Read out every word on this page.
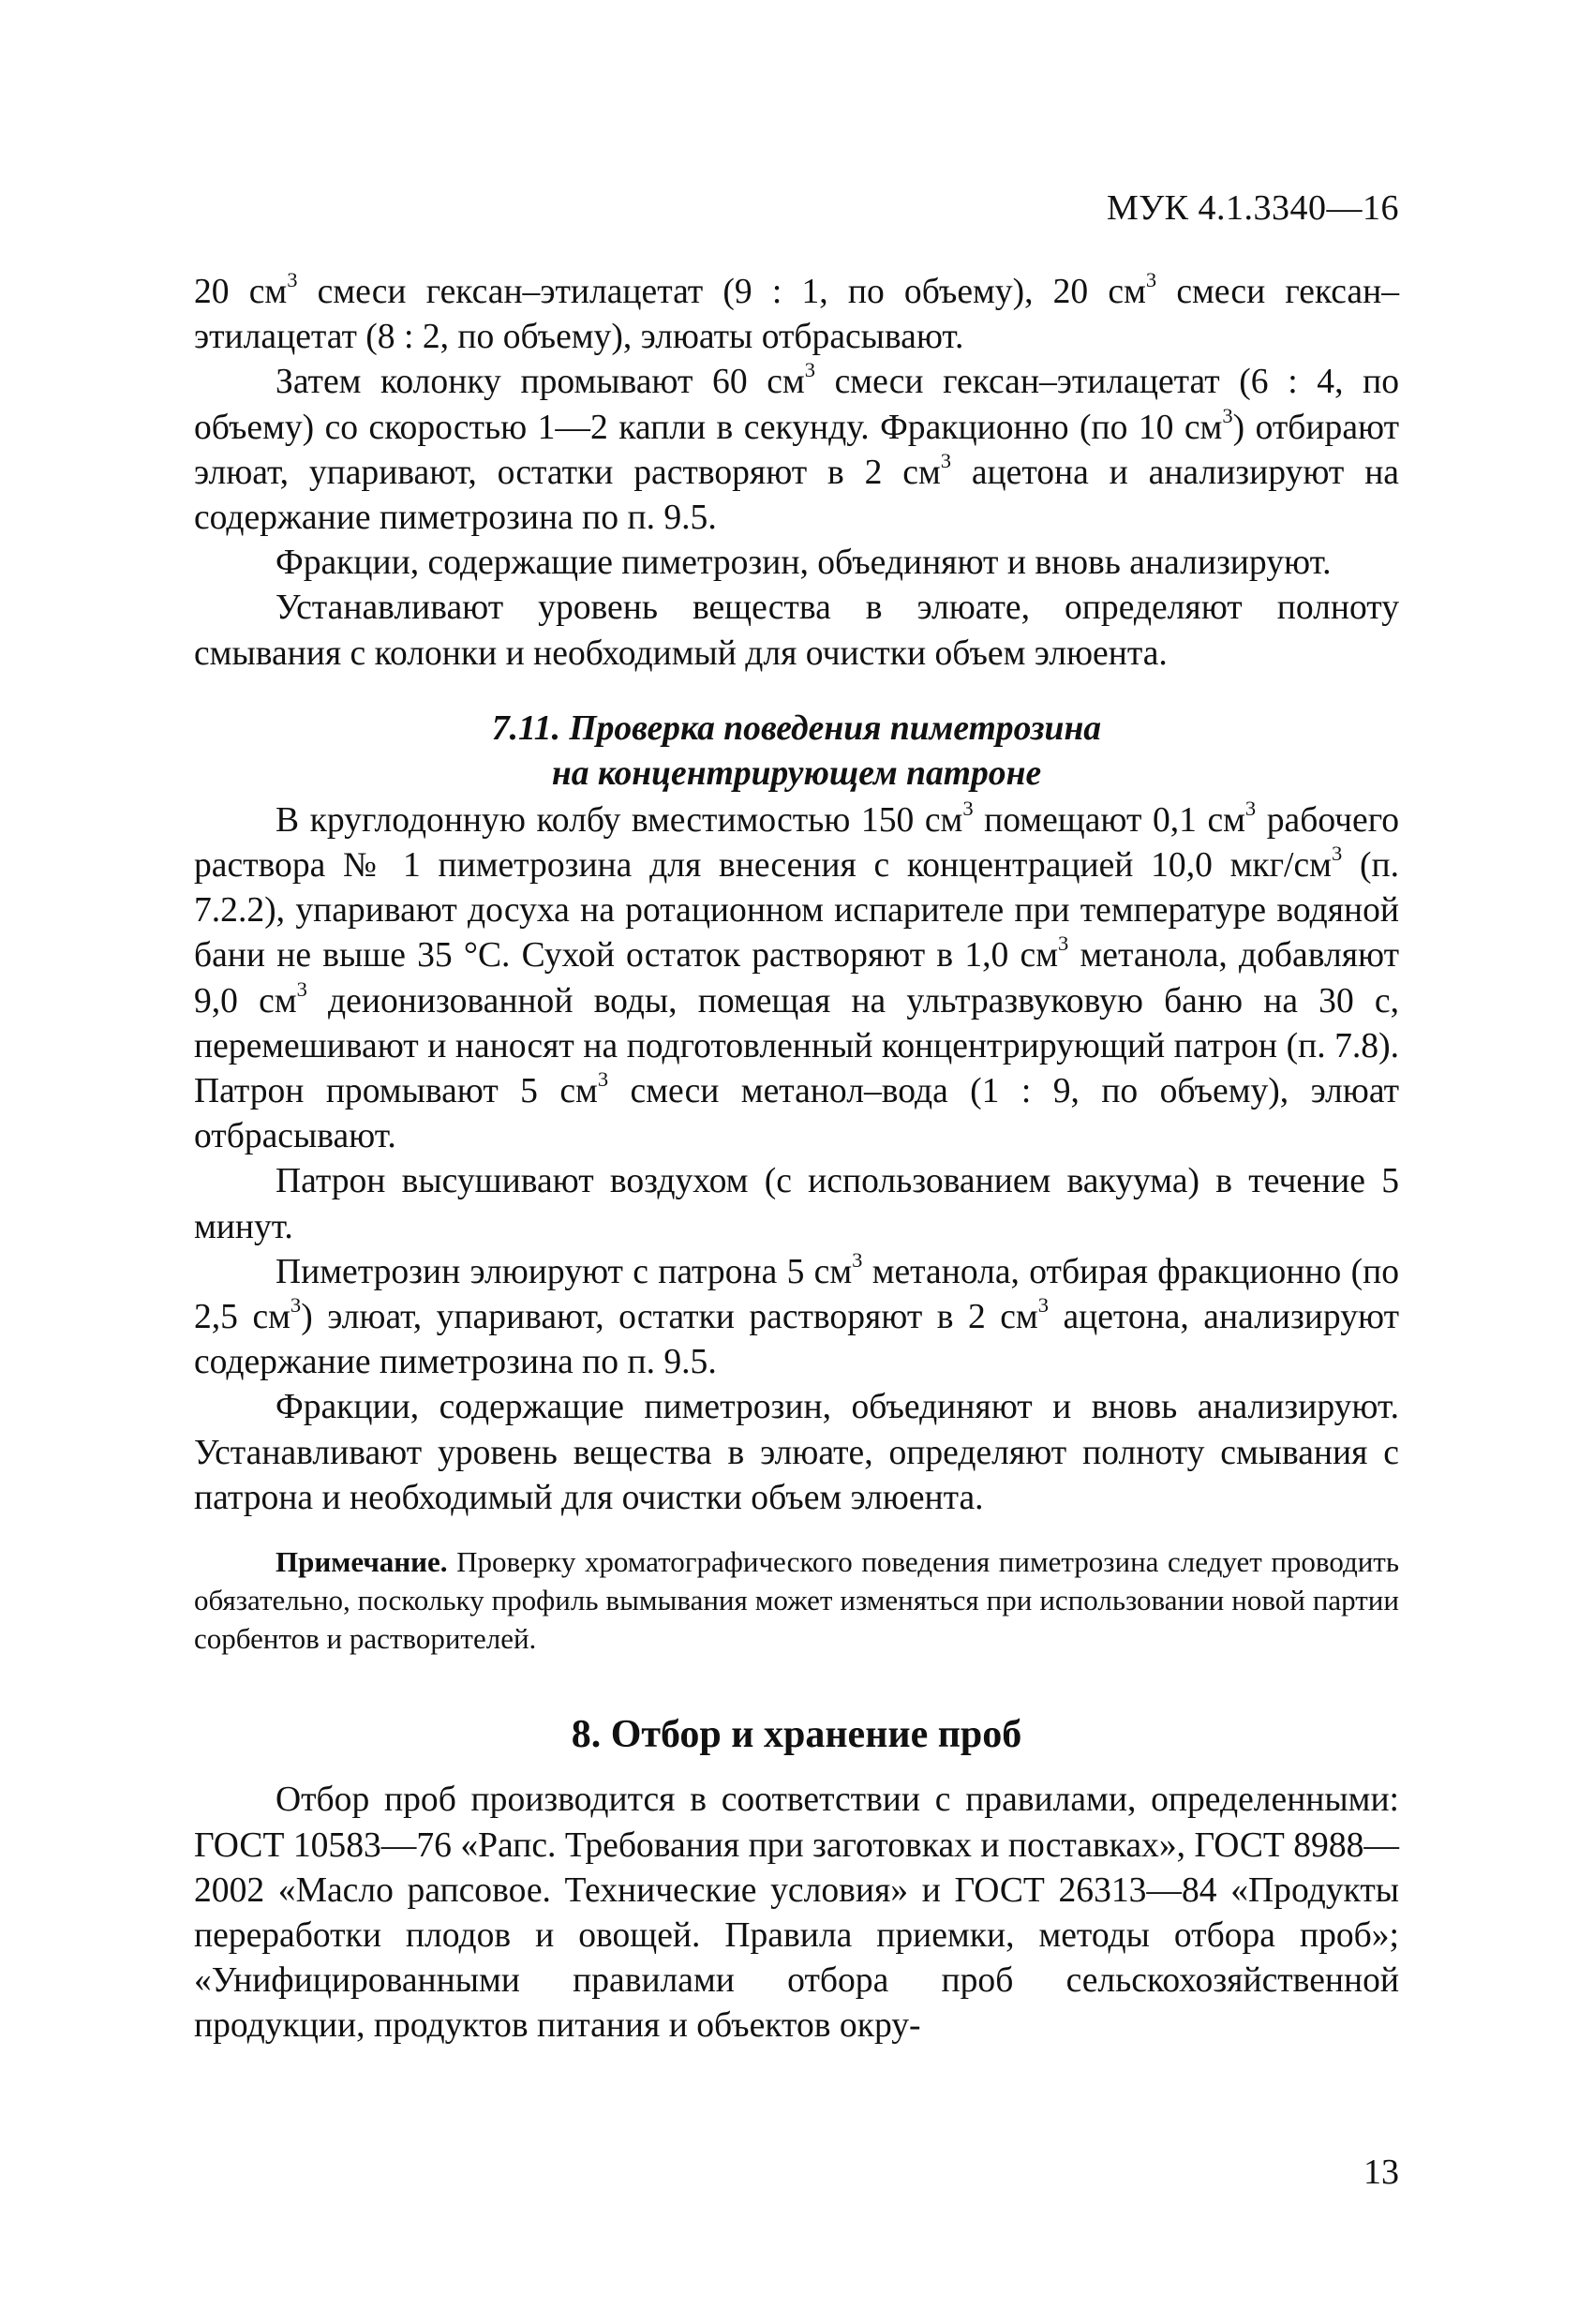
МУК 4.1.3340—16

20 $см^3$ смеси гексан–этилацетат (9 : 1, по объему), 20 $см^3$ смеси гексан–этилацетат (8 : 2, по объему), элюаты отбрасывают.

Затем колонку промывают 60 $см^3$ смеси гексан–этилацетат (6 : 4, по объему) со скоростью 1—2 капли в секунду. Фракционно (по 10 $см^3$) отбирают элюат, упаривают, остатки растворяют в 2 $см^3$ ацетона и анализируют на содержание пиметрозина по п. 9.5.

Фракции, содержащие пиметрозин, объединяют и вновь анализируют.

Устанавливают уровень вещества в элюате, определяют полноту смывания с колонки и необходимый для очистки объем элюента.

7.11. Проверка поведения пиметрозина
на концентрирующем патроне

В круглодонную колбу вместимостью 150 $см^3$ помещают 0,1 $см^3$ рабочего раствора № 1 пиметрозина для внесения с концентрацией 10,0 мкг/$см^3$ (п. 7.2.2), упаривают досуха на ротационном испарителе при температуре водяной бани не выше 35 °С. Сухой остаток растворяют в 1,0 $см^3$ метанола, добавляют 9,0 $см^3$ деионизованной воды, помещая на ультразвуковую баню на 30 с, перемешивают и наносят на подготовленный концентрирующий патрон (п. 7.8). Патрон промывают 5 $см^3$ смеси метанол–вода (1 : 9, по объему), элюат отбрасывают.

Патрон высушивают воздухом (с использованием вакуума) в течение 5 минут.

Пиметрозин элюируют с патрона 5 $см^3$ метанола, отбирая фракционно (по 2,5 $см^3$) элюат, упаривают, остатки растворяют в 2 $см^3$ ацетона, анализируют содержание пиметрозина по п. 9.5.

Фракции, содержащие пиметрозин, объединяют и вновь анализируют. Устанавливают уровень вещества в элюате, определяют полноту смывания с патрона и необходимый для очистки объем элюента.

Примечание. Проверку хроматографического поведения пиметрозина следует проводить обязательно, поскольку профиль вымывания может изменяться при использовании новой партии сорбентов и растворителей.
8. Отбор и хранение проб

Отбор проб производится в соответствии с правилами, определенными: ГОСТ 10583—76 «Рапс. Требования при заготовках и поставках», ГОСТ 8988—2002 «Масло рапсовое. Технические условия» и ГОСТ 26313—84 «Продукты переработки плодов и овощей. Правила приемки, методы отбора проб»; «Унифицированными правилами отбора проб сельскохозяйственной продукции, продуктов питания и объектов окру-

13
